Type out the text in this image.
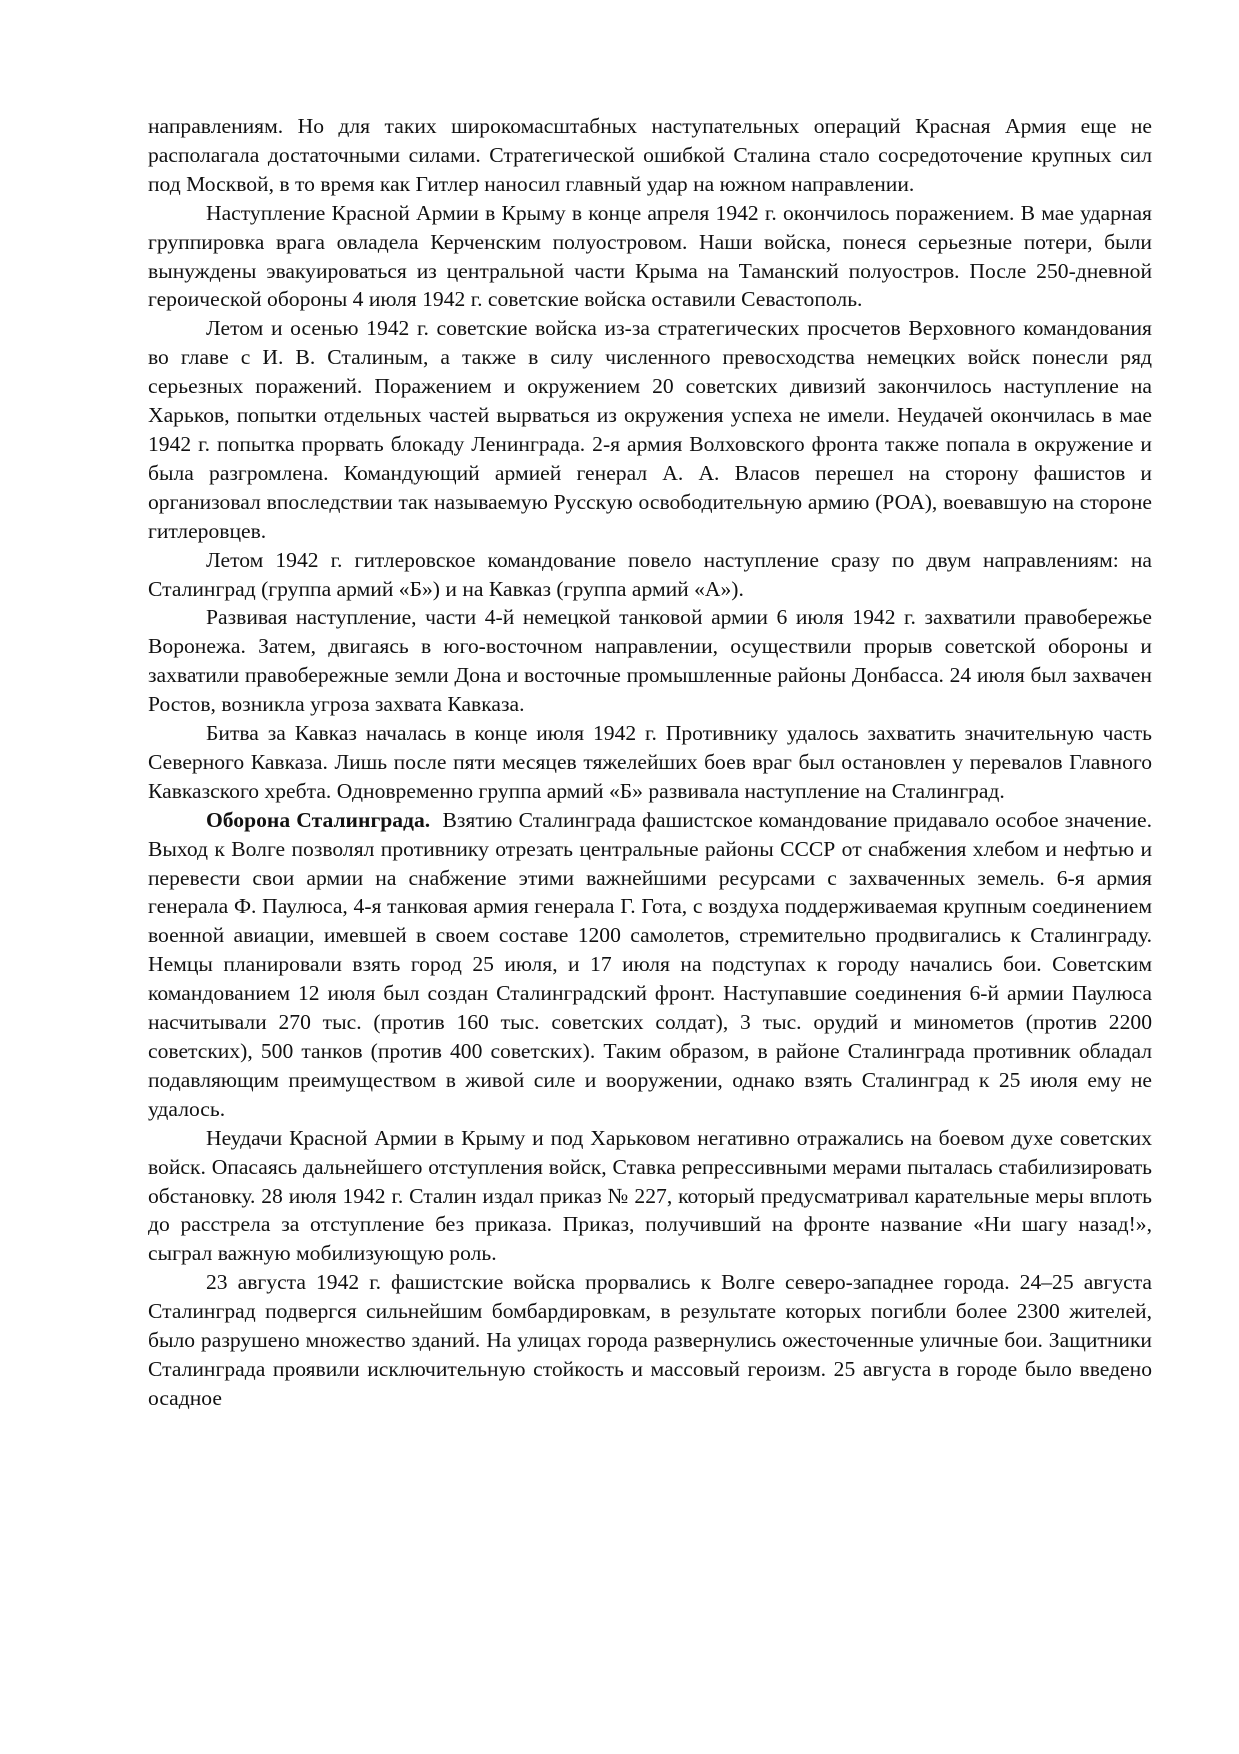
направлениям. Но для таких широкомасштабных наступательных операций Красная Армия еще не располагала достаточными силами. Стратегической ошибкой Сталина стало сосредоточение крупных сил под Москвой, в то время как Гитлер наносил главный удар на южном направлении.

Наступление Красной Армии в Крыму в конце апреля 1942 г. окончилось поражением. В мае ударная группировка врага овладела Керченским полуостровом. Наши войска, понеся серьезные потери, были вынуждены эвакуироваться из центральной части Крыма на Таманский полуостров. После 250-дневной героической обороны 4 июля 1942 г. советские войска оставили Севастополь.

Летом и осенью 1942 г. советские войска из-за стратегических просчетов Верховного командования во главе с И. В. Сталиным, а также в силу численного превосходства немецких войск понесли ряд серьезных поражений. Поражением и окружением 20 советских дивизий закончилось наступление на Харьков, попытки отдельных частей вырваться из окружения успеха не имели. Неудачей окончилась в мае 1942 г. попытка прорвать блокаду Ленинграда. 2-я армия Волховского фронта также попала в окружение и была разгромлена. Командующий армией генерал А. А. Власов перешел на сторону фашистов и организовал впоследствии так называемую Русскую освободительную армию (РОА), воевавшую на стороне гитлеровцев.

Летом 1942 г. гитлеровское командование повело наступление сразу по двум направлениям: на Сталинград (группа армий «Б») и на Кавказ (группа армий «А»).

Развивая наступление, части 4-й немецкой танковой армии 6 июля 1942 г. захватили правобережье Воронежа. Затем, двигаясь в юго-восточном направлении, осуществили прорыв советской обороны и захватили правобережные земли Дона и восточные промышленные районы Донбасса. 24 июля был захвачен Ростов, возникла угроза захвата Кавказа.

Битва за Кавказ началась в конце июля 1942 г. Противнику удалось захватить значительную часть Северного Кавказа. Лишь после пяти месяцев тяжелейших боев враг был остановлен у перевалов Главного Кавказского хребта. Одновременно группа армий «Б» развивала наступление на Сталинград.

Оборона Сталинграда. Взятию Сталинграда фашистское командование придавало особое значение. Выход к Волге позволял противнику отрезать центральные районы СССР от снабжения хлебом и нефтью и перевести свои армии на снабжение этими важнейшими ресурсами с захваченных земель. 6-я армия генерала Ф. Паулюса, 4-я танковая армия генерала Г. Гота, с воздуха поддерживаемая крупным соединением военной авиации, имевшей в своем составе 1200 самолетов, стремительно продвигались к Сталинграду. Немцы планировали взять город 25 июля, и 17 июля на подступах к городу начались бои. Советским командованием 12 июля был создан Сталинградский фронт. Наступавшие соединения 6-й армии Паулюса насчитывали 270 тыс. (против 160 тыс. советских солдат), 3 тыс. орудий и минометов (против 2200 советских), 500 танков (против 400 советских). Таким образом, в районе Сталинграда противник обладал подавляющим преимуществом в живой силе и вооружении, однако взять Сталинград к 25 июля ему не удалось.

Неудачи Красной Армии в Крыму и под Харьковом негативно отражались на боевом духе советских войск. Опасаясь дальнейшего отступления войск, Ставка репрессивными мерами пыталась стабилизировать обстановку. 28 июля 1942 г. Сталин издал приказ № 227, который предусматривал карательные меры вплоть до расстрела за отступление без приказа. Приказ, получивший на фронте название «Ни шагу назад!», сыграл важную мобилизующую роль.

23 августа 1942 г. фашистские войска прорвались к Волге северо-западнее города. 24–25 августа Сталинград подвергся сильнейшим бомбардировкам, в результате которых погибли более 2300 жителей, было разрушено множество зданий. На улицах города развернулись ожесточенные уличные бои. Защитники Сталинграда проявили исключительную стойкость и массовый героизм. 25 августа в городе было введено осадное
